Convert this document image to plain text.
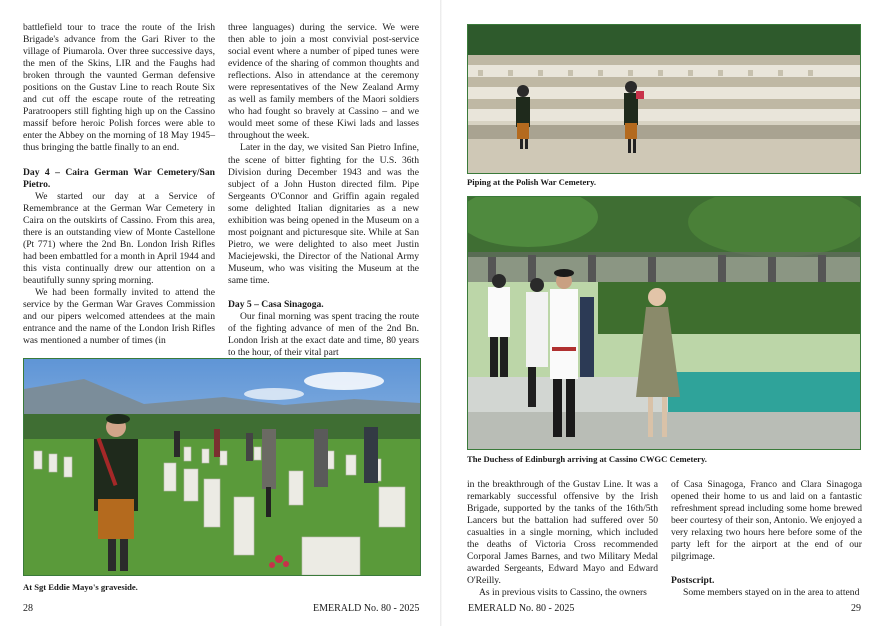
battlefield tour to trace the route of the Irish Brigade's advance from the Gari River to the village of Piumarola. Over three successive days, the men of the Skins, LIR and the Faughs had broken through the vaunted German defensive positions on the Gustav Line to reach Route Six and cut off the escape route of the retreating Paratroopers still fighting high up on the Cassino massif before heroic Polish forces were able to enter the Abbey on the morning of 18 May 1945– thus bringing the battle finally to an end.

Day 4 – Caira German War Cemetery/San Pietro.

We started our day at a Service of Remembrance at the German War Cemetery in Caira on the outskirts of Cassino. From this area, there is an outstanding view of Monte Castellone (Pt 771) where the 2nd Bn. London Irish Rifles had been embattled for a month in April 1944 and this vista continually drew our attention on a beautifully sunny spring morning.

We had been formally invited to attend the service by the German War Graves Commission and our pipers welcomed attendees at the main entrance and the name of the London Irish Rifles was mentioned a number of times (in

three languages) during the service. We were then able to join a most convivial post-service social event where a number of piped tunes were evidence of the sharing of common thoughts and reflections. Also in attendance at the ceremony were representatives of the New Zealand Army as well as family members of the Maori soldiers who had fought so bravely at Cassino – and we would meet some of these Kiwi lads and lasses throughout the week.

Later in the day, we visited San Pietro Infine, the scene of bitter fighting for the U.S. 36th Division during December 1943 and was the subject of a John Huston directed film. Pipe Sergeants O'Connor and Griffin again regaled some delighted Italian dignitaries as a new exhibition was being opened in the Museum on a most poignant and picturesque site. While at San Pietro, we were delighted to also meet Justin Maciejewski, the Director of the National Army Museum, who was visiting the Museum at the same time.

Day 5 – Casa Sinagoga.

Our final morning was spent tracing the route of the fighting advance of men of the 2nd Bn. London Irish at the exact date and time, 80 years to the hour, of their vital part

At Sgt Eddie Mayo's graveside.
28	EMERALD No. 80 - 2025
Piping at the Polish War Cemetery.
The Duchess of Edinburgh arriving at Cassino CWGC Cemetery.

in the breakthrough of the Gustav Line. It was a remarkably successful offensive by the Irish Brigade, supported by the tanks of the 16th/5th Lancers but the battalion had suffered over 50 casualties in a single morning, which included the deaths of Victoria Cross recommended Corporal James Barnes, and two Military Medal awarded Sergeants, Edward Mayo and Edward O'Reilly.

As in previous visits to Cassino, the owners

of Casa Sinagoga, Franco and Clara Sinagoga opened their home to us and laid on a fantastic refreshment spread including some home brewed beer courtesy of their son, Antonio. We enjoyed a very relaxing two hours here before some of the party left for the airport at the end of our pilgrimage.

Postscript.

Some members stayed on in the area to attend

EMERALD No. 80 - 2025	29
